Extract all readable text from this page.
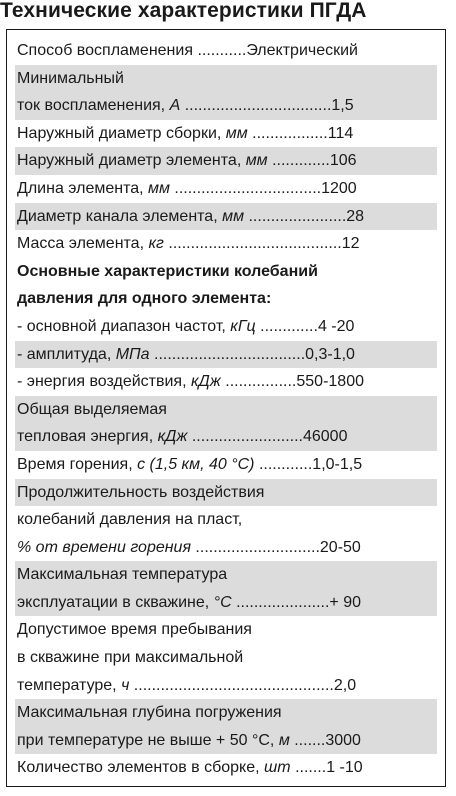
Технические характеристики ПГДА
Способ воспламенения ...........Электрический
Минимальный
ток воспламенения, А .................................1,5
Наружный диаметр сборки, мм .................114
Наружный диаметр элемента, мм .............106
Длина элемента, мм .................................1200
Диаметр канала элемента, мм ......................28
Масса элемента, кг .......................................12
Основные характеристики колебаний
давления для одного элемента:
- основной диапазон частот, кГц .............4 -20
- амплитуда, МПа ..................................0,3-1,0
- энергия воздействия, кДж ................550-1800
Общая выделяемая
тепловая энергия, кДж .........................46000
Время горения, с (1,5 км, 40 °С) ............1,0-1,5
Продолжительность воздействия
колебаний давления на пласт,
% от времени горения ............................20-50
Максимальная температура
эксплуатации в скважине, °С .....................+ 90
Допустимое время пребывания
в скважине при максимальной
температуре, ч .............................................2,0
Максимальная глубина погружения
при температуре не выше + 50 °С, м .......3000
Количество элементов в сборке, шт .......1 -10
